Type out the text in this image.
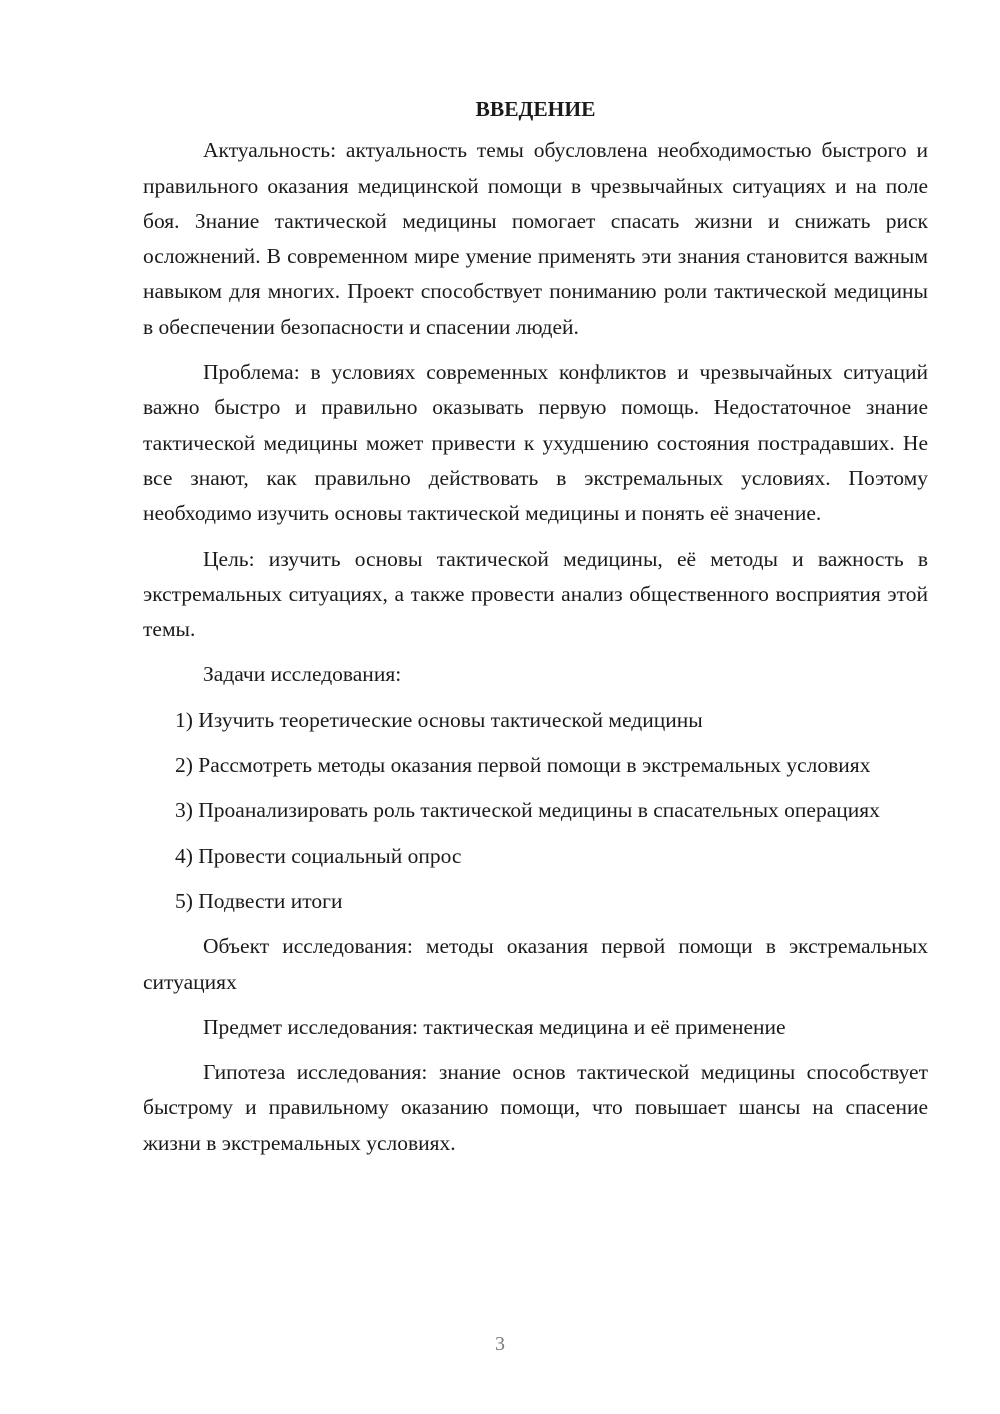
ВВЕДЕНИЕ

Актуальность: актуальность темы обусловлена необходимостью быстрого и правильного оказания медицинской помощи в чрезвычайных ситуациях и на поле боя. Знание тактической медицины помогает спасать жизни и снижать риск осложнений. В современном мире умение применять эти знания становится важным навыком для многих. Проект способствует пониманию роли тактической медицины в обеспечении безопасности и спасении людей.

Проблема: в условиях современных конфликтов и чрезвычайных ситуаций важно быстро и правильно оказывать первую помощь. Недостаточное знание тактической медицины может привести к ухудшению состояния пострадавших. Не все знают, как правильно действовать в экстремальных условиях. Поэтому необходимо изучить основы тактической медицины и понять её значение.

Цель: изучить основы тактической медицины, её методы и важность в экстремальных ситуациях, а также провести анализ общественного восприятия этой темы.

Задачи исследования:

1) Изучить теоретические основы тактической медицины

2) Рассмотреть методы оказания первой помощи в экстремальных условиях

3) Проанализировать роль тактической медицины в спасательных операциях

4) Провести социальный опрос

5) Подвести итоги

Объект исследования: методы оказания первой помощи в экстремальных ситуациях

Предмет исследования: тактическая медицина и её применение

Гипотеза исследования: знание основ тактической медицины способствует быстрому и правильному оказанию помощи, что повышает шансы на спасение жизни в экстремальных условиях.

3
